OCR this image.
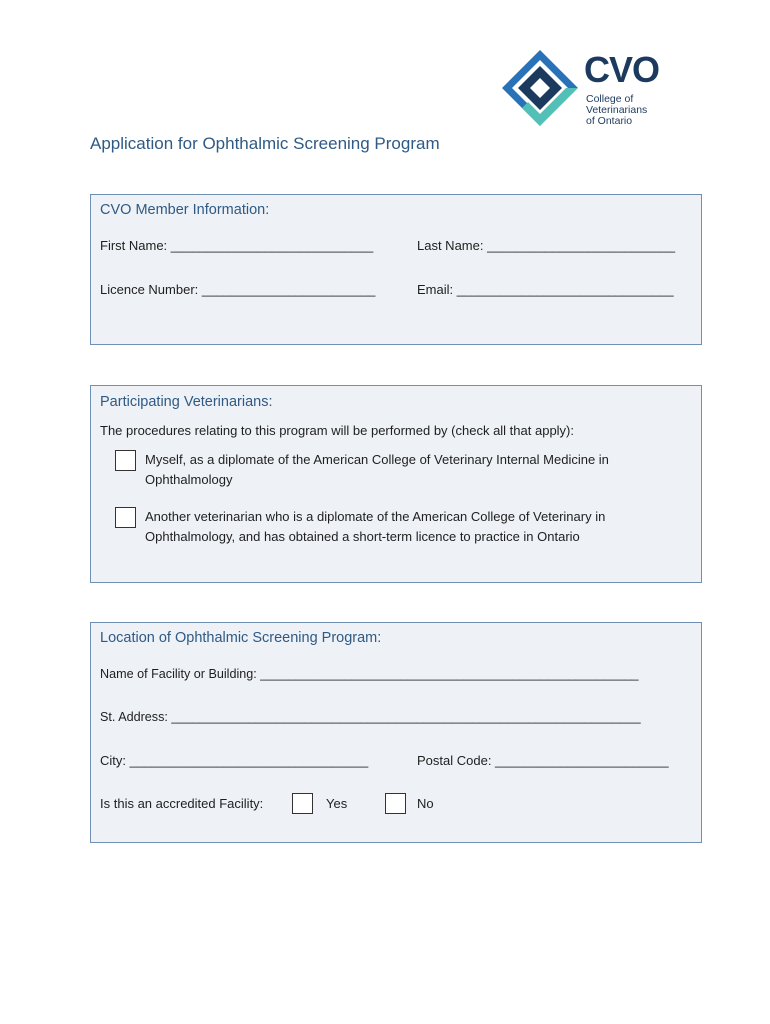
CVO
College of
Veterinarians
of Ontario
Application for Ophthalmic Screening Program
CVO Member Information:
First Name: ____________________________	Last Name: __________________________
Licence Number: ________________________	Email: ______________________________
Participating Veterinarians:
The procedures relating to this program will be performed by (check all that apply):
Myself, as a diplomate of the American College of Veterinary Internal Medicine in
Ophthalmology
Another veterinarian who is a diplomate of the American College of Veterinary in
Ophthalmology, and has obtained a short-term licence to practice in Ontario
Location of Ophthalmic Screening Program:
Name of Facility or Building: ______________________________________________________
St. Address: ___________________________________________________________________
City: _________________________________	Postal Code: ________________________
Is this an accredited Facility:	Yes	No
